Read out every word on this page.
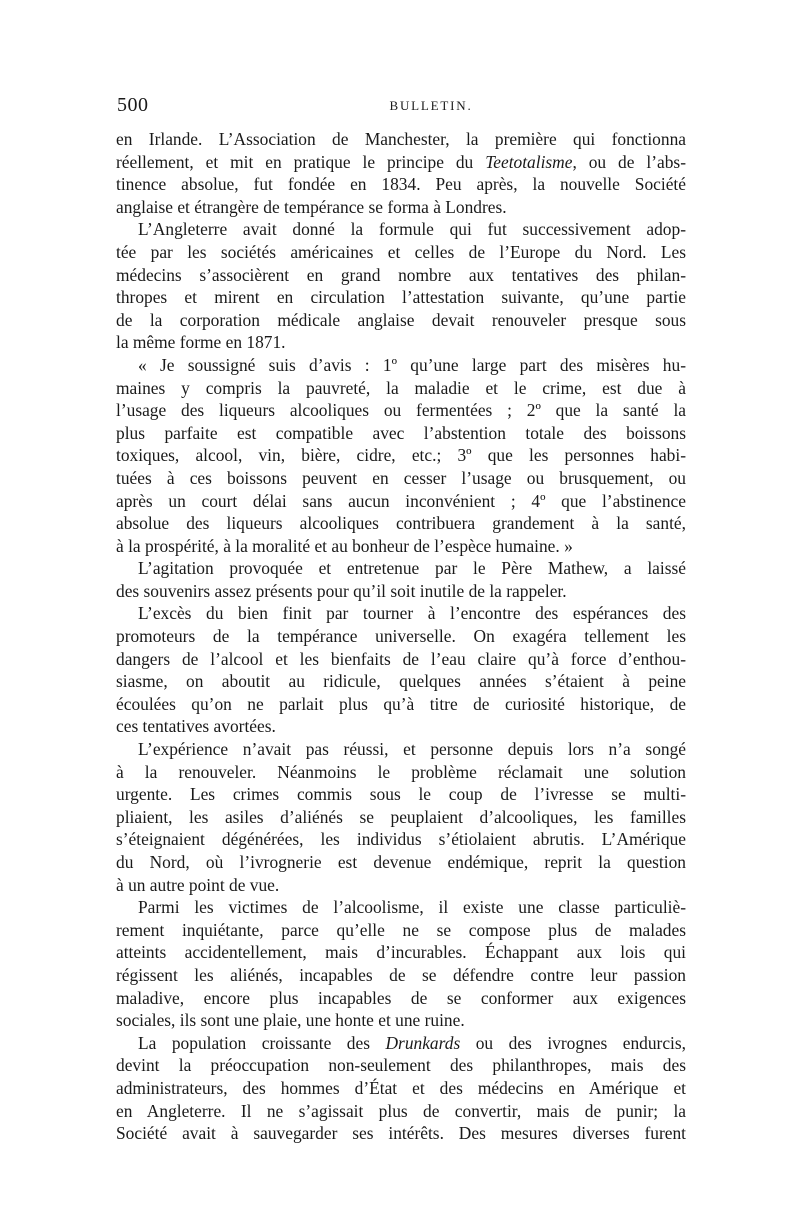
500	BULLETIN.
en Irlande. L’Association de Manchester, la première qui fonctionna
réellement, et mit en pratique le principe du Teetotalisme, ou de l’abs-
tinence absolue, fut fondée en 1834. Peu après, la nouvelle Société
anglaise et étrangère de tempérance se forma à Londres.
L’Angleterre avait donné la formule qui fut successivement adop-
tée par les sociétés américaines et celles de l’Europe du Nord. Les
médecins s’associèrent en grand nombre aux tentatives des philan-
thropes et mirent en circulation l’attestation suivante, qu’une partie
de la corporation médicale anglaise devait renouveler presque sous
la même forme en 1871.
« Je soussigné suis d’avis : 1º qu’une large part des misères hu-
maines y compris la pauvreté, la maladie et le crime, est due à
l’usage des liqueurs alcooliques ou fermentées ; 2º que la santé la
plus parfaite est compatible avec l’abstention totale des boissons
toxiques, alcool, vin, bière, cidre, etc.; 3º que les personnes habi-
tuées à ces boissons peuvent en cesser l’usage ou brusquement, ou
après un court délai sans aucun inconvénient ; 4º que l’abstinence
absolue des liqueurs alcooliques contribuera grandement à la santé,
à la prospérité, à la moralité et au bonheur de l’espèce humaine. »
L’agitation provoquée et entretenue par le Père Mathew, a laissé
des souvenirs assez présents pour qu’il soit inutile de la rappeler.
L’excès du bien finit par tourner à l’encontre des espérances des
promoteurs de la tempérance universelle. On exagéra tellement les
dangers de l’alcool et les bienfaits de l’eau claire qu’à force d’enthou-
siasme, on aboutit au ridicule, quelques années s’étaient à peine
écoulées qu’on ne parlait plus qu’à titre de curiosité historique, de
ces tentatives avortées.
L’expérience n’avait pas réussi, et personne depuis lors n’a songé
à la renouveler. Néanmoins le problème réclamait une solution
urgente. Les crimes commis sous le coup de l’ivresse se multi-
pliaient, les asiles d’aliénés se peuplaient d’alcooliques, les familles
s’éteignaient dégénérées, les individus s’étiolaient abrutis. L’Amérique
du Nord, où l’ivrognerie est devenue endémique, reprit la question
à un autre point de vue.
Parmi les victimes de l’alcoolisme, il existe une classe particuliè-
rement inquiétante, parce qu’elle ne se compose plus de malades
atteints accidentellement, mais d’incurables. Échappant aux lois qui
régissent les aliénés, incapables de se défendre contre leur passion
maladive, encore plus incapables de se conformer aux exigences
sociales, ils sont une plaie, une honte et une ruine.
La population croissante des Drunkards ou des ivrognes endurcis,
devint la préoccupation non-seulement des philanthropes, mais des
administrateurs, des hommes d’État et des médecins en Amérique et
en Angleterre. Il ne s’agissait plus de convertir, mais de punir; la
Société avait à sauvegarder ses intérêts. Des mesures diverses furent
